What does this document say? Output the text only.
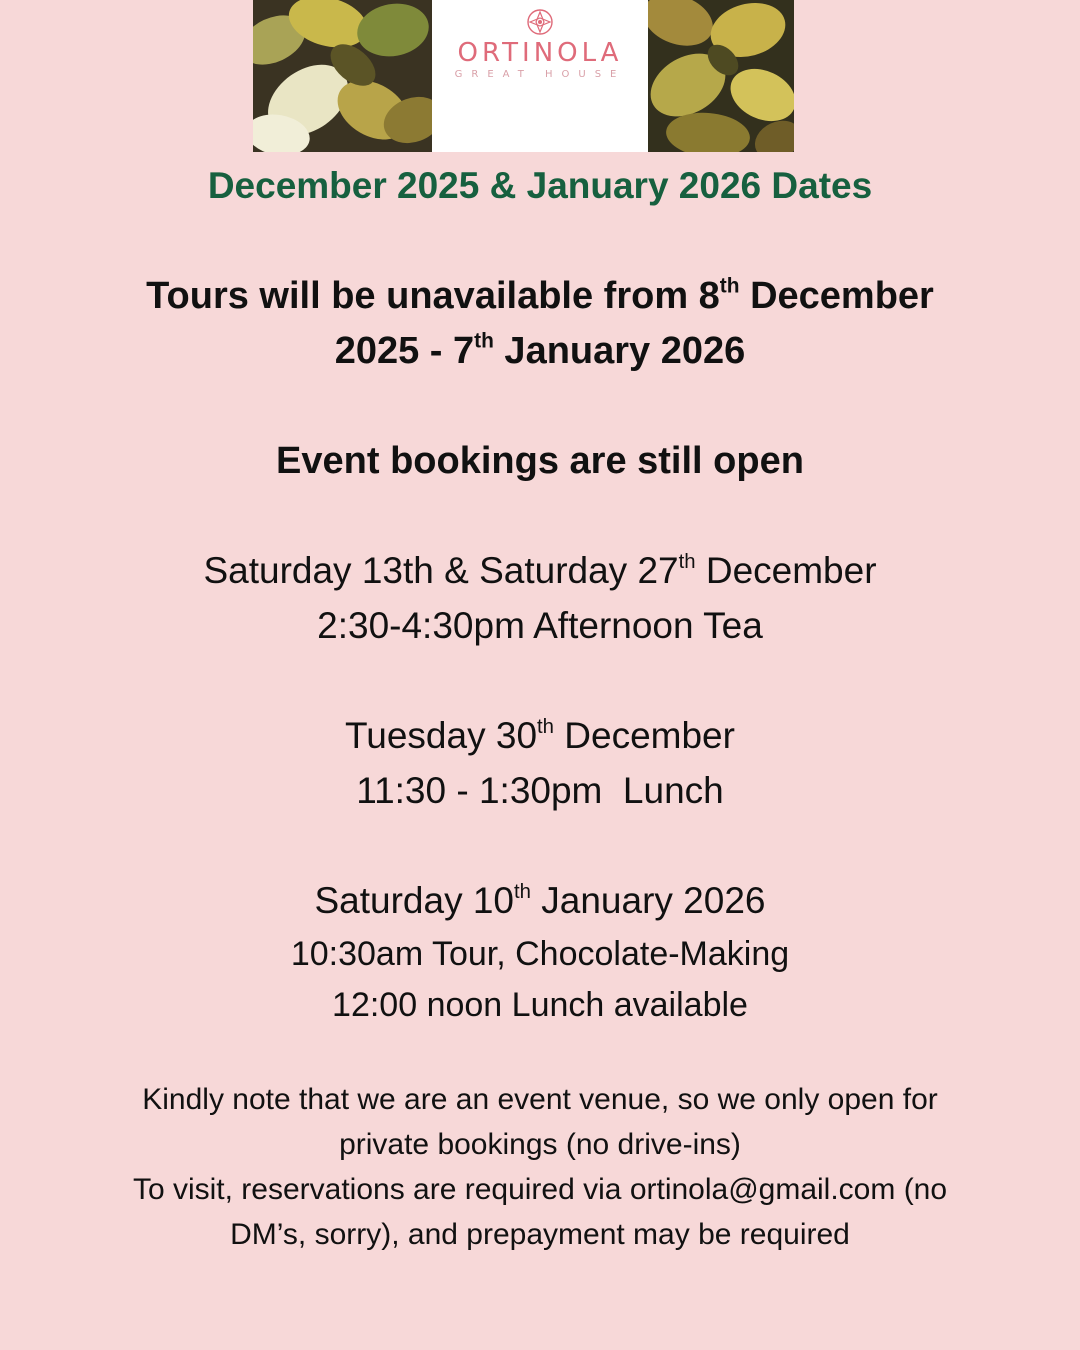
ORTINOLA
GREAT HOUSE
December 2025 & January 2026 Dates
Tours will be unavailable from 8th December
2025 - 7th January 2026
Event bookings are still open
Saturday 13th & Saturday 27th December
2:30-4:30pm Afternoon Tea
Tuesday 30th December
11:30 - 1:30pm  Lunch
Saturday 10th January 2026
10:30am Tour, Chocolate-Making
12:00 noon Lunch available
Kindly note that we are an event venue, so we only open for
private bookings (no drive-ins)
To visit, reservations are required via ortinola@gmail.com (no
DM’s, sorry), and prepayment may be required
